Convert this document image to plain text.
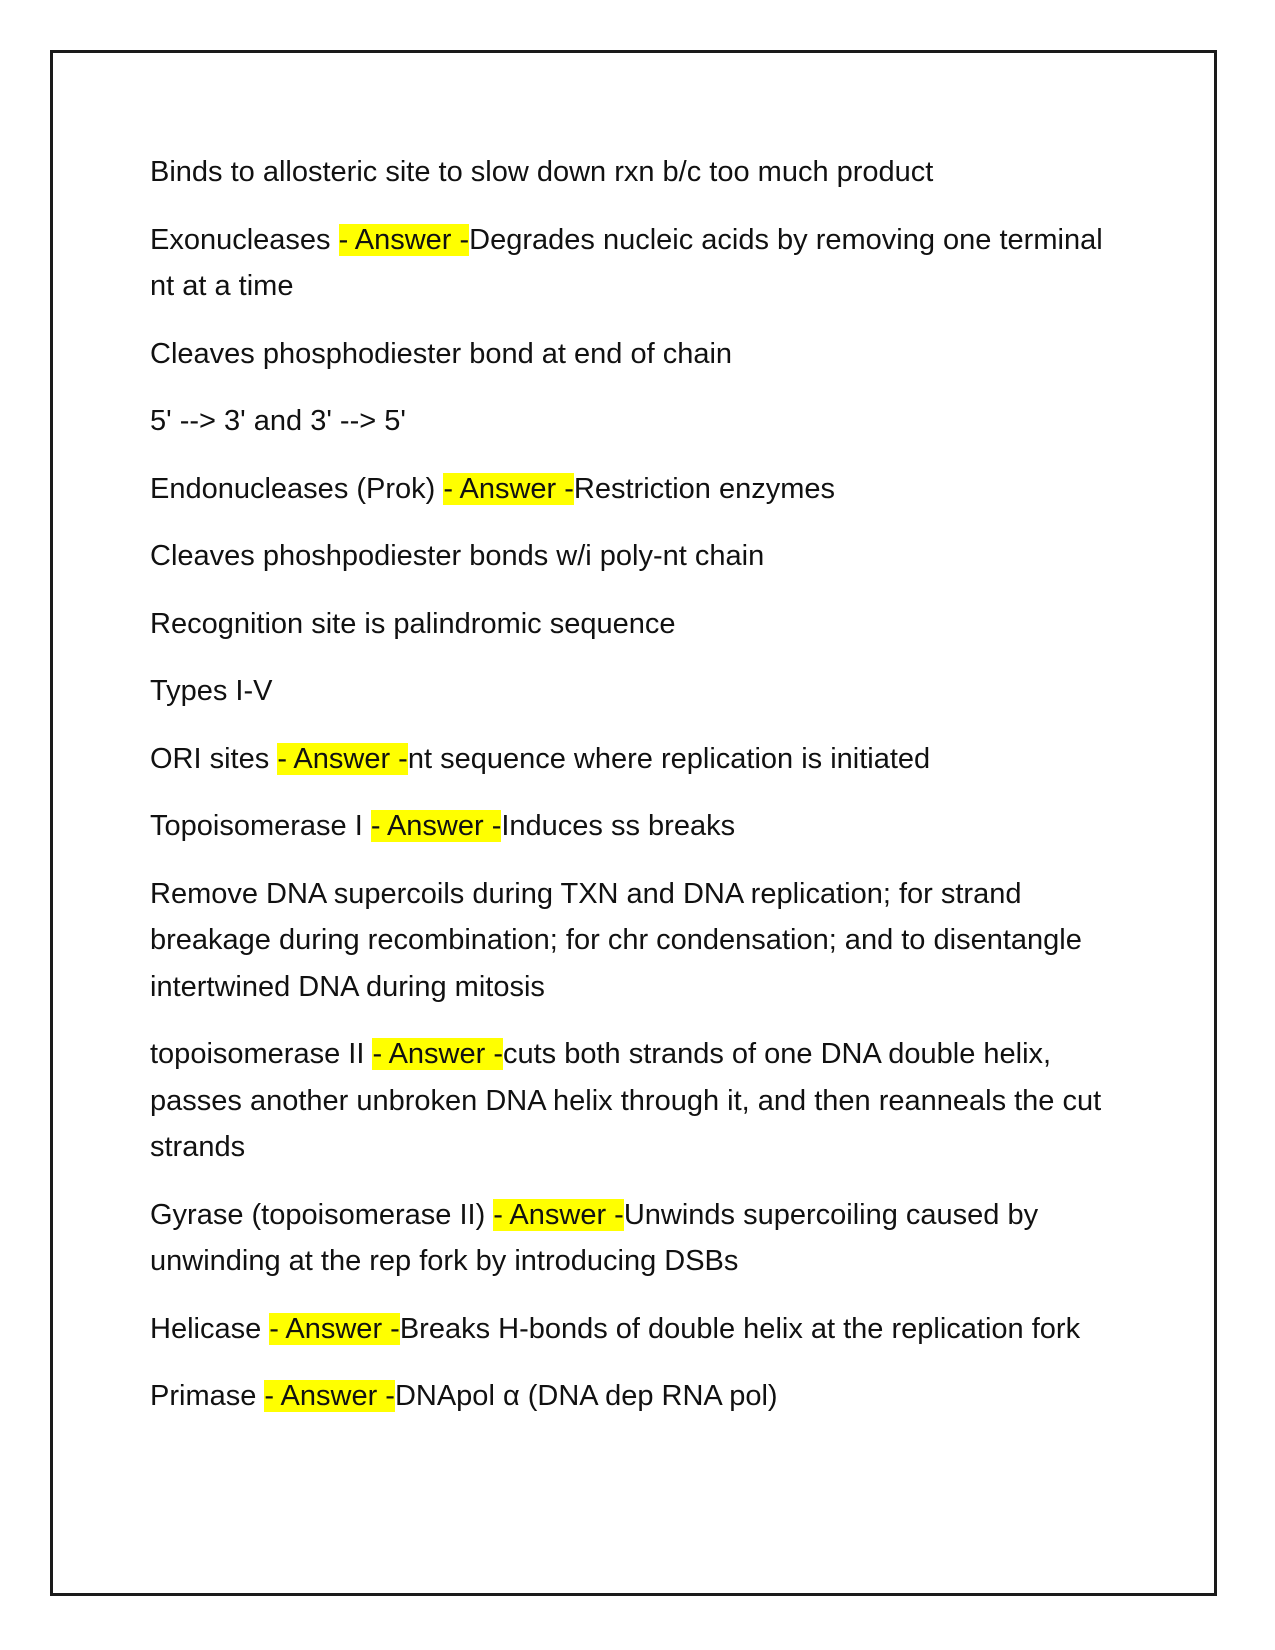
Binds to allosteric site to slow down rxn b/c too much product

Exonucleases - Answer -Degrades nucleic acids by removing one terminal nt at a time

Cleaves phosphodiester bond at end of chain

5' --> 3' and 3' --> 5'

Endonucleases (Prok) - Answer -Restriction enzymes

Cleaves phoshpodiester bonds w/i poly-nt chain

Recognition site is palindromic sequence

Types I-V

ORI sites - Answer -nt sequence where replication is initiated

Topoisomerase I - Answer -Induces ss breaks

Remove DNA supercoils during TXN and DNA replication; for strand breakage during recombination; for chr condensation; and to disentangle intertwined DNA during mitosis

topoisomerase II - Answer -cuts both strands of one DNA double helix, passes another unbroken DNA helix through it, and then reanneals the cut strands

Gyrase (topoisomerase II) - Answer -Unwinds supercoiling caused by unwinding at the rep fork by introducing DSBs

Helicase - Answer -Breaks H-bonds of double helix at the replication fork

Primase - Answer -DNApol α (DNA dep RNA pol)
